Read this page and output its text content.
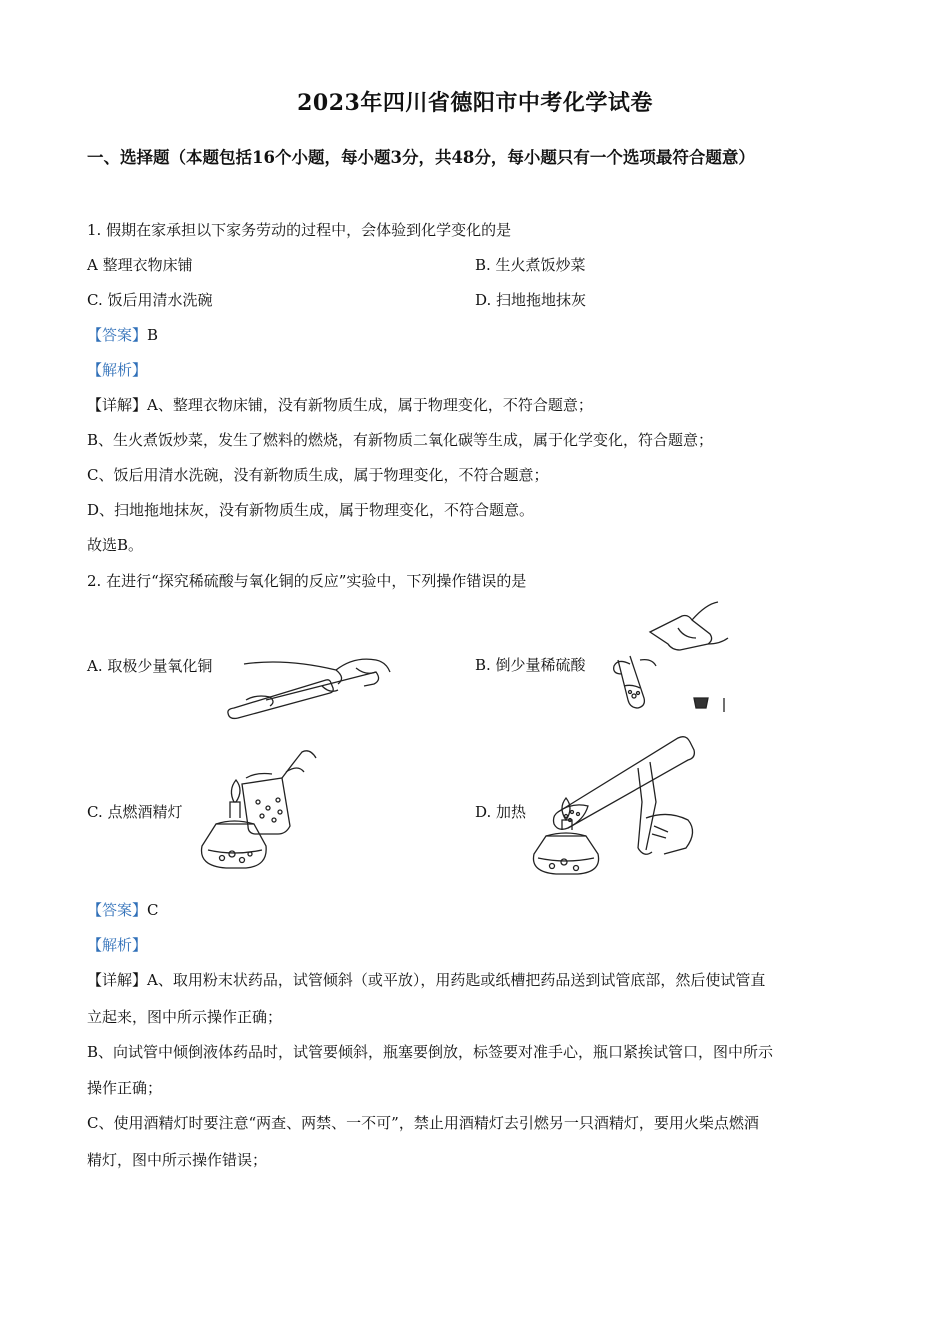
2023年四川省德阳市中考化学试卷
一、选择题（本题包括16个小题，每小题3分，共48分，每小题只有一个选项最符合题意）
1. 假期在家承担以下家务劳动的过程中，会体验到化学变化的是
A 整理衣物床铺	B. 生火煮饭炒菜
C. 饭后用清水洗碗	D. 扫地拖地抹灰
【答案】B
【解析】
【详解】A、整理衣物床铺，没有新物质生成，属于物理变化，不符合题意；
B、生火煮饭炒菜，发生了燃料的燃烧，有新物质二氧化碳等生成，属于化学变化，符合题意；
C、饭后用清水洗碗，没有新物质生成，属于物理变化，不符合题意；
D、扫地拖地抹灰，没有新物质生成，属于物理变化，不符合题意。
故选B。
2. 在进行“探究稀硫酸与氧化铜的反应”实验中，下列操作错误的是
A. 取极少量氧化铜	B. 倒少量稀硫酸
C. 点燃酒精灯	D. 加热
【答案】C
【解析】
【详解】A、取用粉末状药品，试管倾斜（或平放），用药匙或纸槽把药品送到试管底部，然后使试管直
立起来，图中所示操作正确；
B、向试管中倾倒液体药品时，试管要倾斜，瓶塞要倒放，标签要对准手心，瓶口紧挨试管口，图中所示
操作正确；
C、使用酒精灯时要注意“两查、两禁、一不可”，禁止用酒精灯去引燃另一只酒精灯，要用火柴点燃酒
精灯，图中所示操作错误；
